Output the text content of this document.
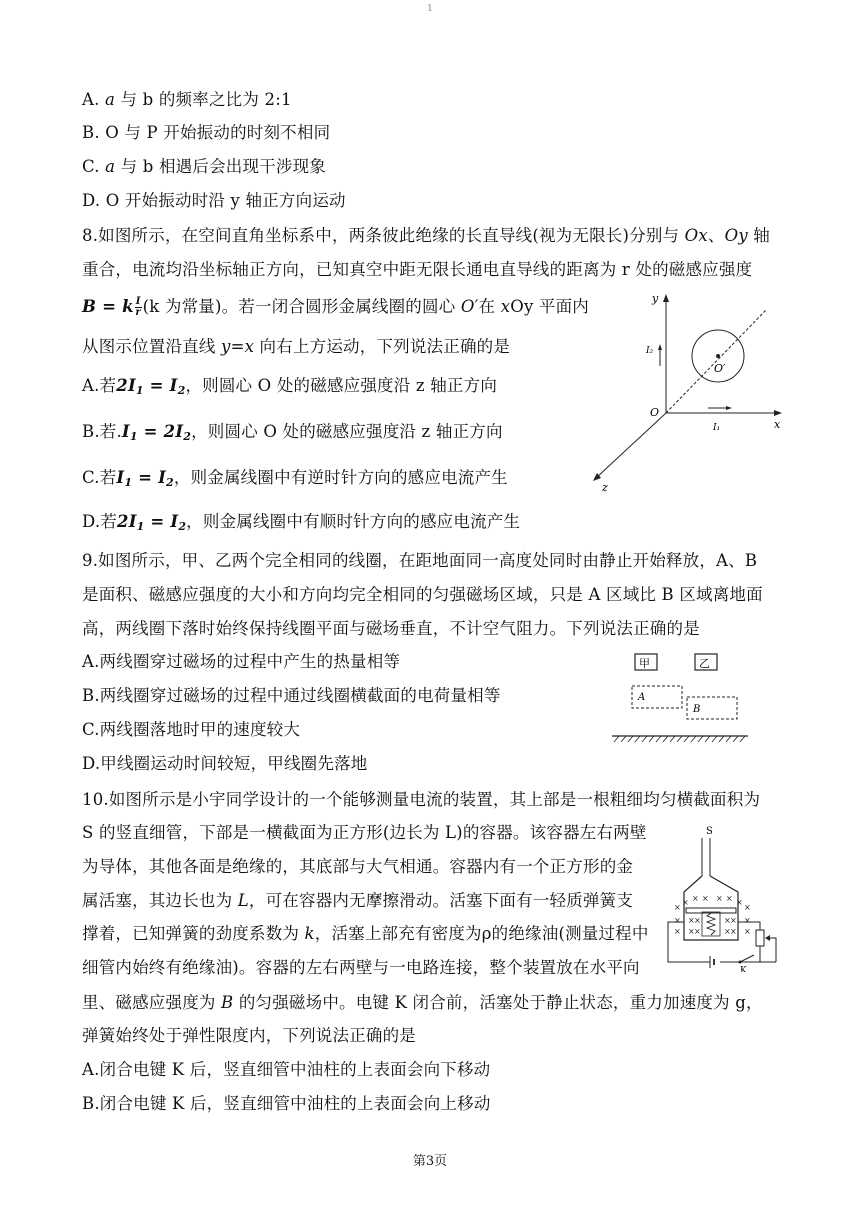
1
A. a 与 b 的频率之比为 2:1
B. O 与 P 开始振动的时刻不相同
C. a 与 b 相遇后会出现干涉现象
D. O 开始振动时沿 y 轴正方向运动
8.如图所示，在空间直角坐标系中，两条彼此绝缘的长直导线(视为无限长)分别与 Ox、Oy 轴
重合，电流均沿坐标轴正方向，已知真空中距无限长通电直导线的距离为 r 处的磁感应强度
B = k $\frac{I}{r} (k$ 为常量)。若一闭合圆形金属线圈的圆心 O′在 xOy 平面内
从图示位置沿直线 y=x 向右上方运动，下列说法正确的是
A.若$2I_1 = I_2$，则圆心 O 处的磁感应强度沿 z 轴正方向
B.若$.I_1 = 2I_2$，则圆心 O 处的磁感应强度沿 z 轴正方向
C.若$I_1 = I_2$，则金属线圈中有逆时针方向的感应电流产生
D.若$2I_1 = I_2$，则金属线圈中有顺时针方向的感应电流产生
y
x
z
O
O′
I₂
I₁
9.如图所示，甲、乙两个完全相同的线圈，在距地面同一高度处同时由静止开始释放，A、B
是面积、磁感应强度的大小和方向均完全相同的匀强磁场区域，只是 A 区域比 B 区域离地面
高，两线圈下落时始终保持线圈平面与磁场垂直，不计空气阻力。下列说法正确的是
A.两线圈穿过磁场的过程中产生的热量相等
B.两线圈穿过磁场的过程中通过线圈横截面的电荷量相等
C.两线圈落地时甲的速度较大
D.甲线圈运动时间较短，甲线圈先落地
甲	乙
A
B
10.如图所示是小宇同学设计的一个能够测量电流的装置，其上部是一根粗细均匀横截面积为
S 的竖直细管，下部是一横截面为正方形(边长为 L)的容器。该容器左右两壁
为导体，其他各面是绝缘的，其底部与大气相通。容器内有一个正方形的金
属活塞，其边长也为 L，可在容器内无摩擦滑动。活塞下面有一轻质弹簧支
撑着，已知弹簧的劲度系数为 k，活塞上部充有密度为ρ的绝缘油(测量过程中
细管内始终有绝缘油)。容器的左右两壁与一电路连接，整个装置放在水平向
里、磁感应强度为 B 的匀强磁场中。电键 K 闭合前，活塞处于静止状态，重力加速度为 g，
弹簧始终处于弹性限度内，下列说法正确的是
A.闭合电键 K 后，竖直细管中油柱的上表面会向下移动
B.闭合电键 K 后，竖直细管中油柱的上表面会向上移动
S
× × × × × ×
× ×	× ×
× ×	× ×
×
×
×
×
×
×
K
第3页
